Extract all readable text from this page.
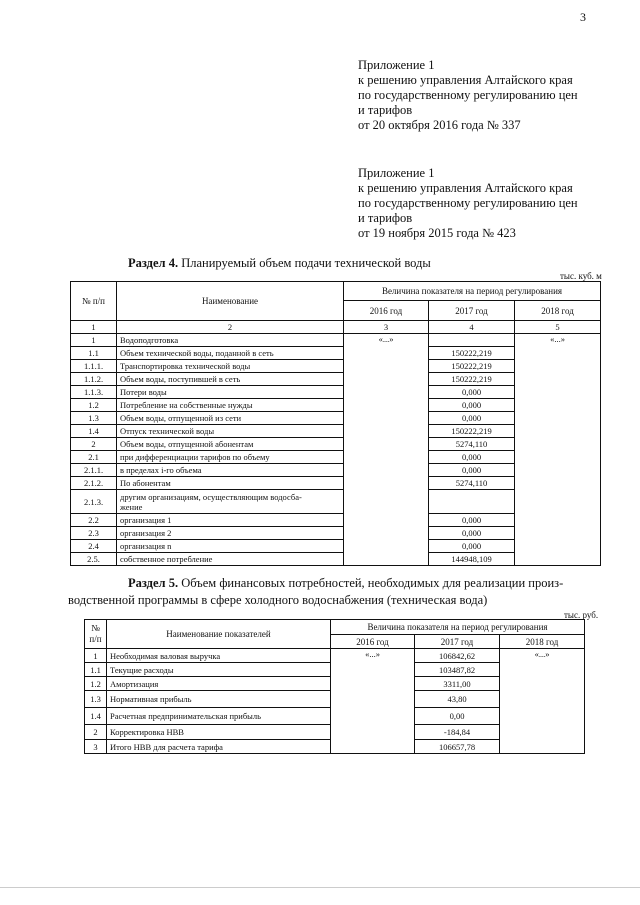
3
Приложение 1
к решению управления Алтайского края
по государственному регулированию цен
и тарифов
от 20 октября 2016 года № 337
Приложение 1
к решению управления Алтайского края
по государственному регулированию цен
и тарифов
от 19 ноября 2015 года № 423
Раздел 4. Планируемый объем подачи технической воды
тыс. куб. м
№ п/п	Наименование	Величина показателя на период регулирования		
		2016 год	2017 год	2018 год
1	2	3	4	5
1	Водоподготовка	«...»		«...»
1.1	Объем технической воды, поданной в сеть		150222,219	
1.1.1.	Транспортировка технической воды		150222,219	
1.1.2.	Объем воды, поступившей в сеть		150222,219	
1.1.3.	Потери воды		0,000	
1.2	Потребление на собственные нужды		0,000	
1.3	Объем воды, отпущенной из сети		0,000	
1.4	Отпуск технической воды		150222,219	
2	Объем воды, отпущенной абонентам		5274,110	
2.1	при дифференциации тарифов по объему		0,000	
2.1.1.	в пределах i-го объема		0,000	
2.1.2.	По абонентам		5274,110	
2.1.3.	другим организациям, осуществляющим водосбa-
жение			

2.2	организация 1		0,000	
2.3	организация 2		0,000	
2.4	организация n		0,000	
2.5.	собственное потребление		144948,109	
Раздел 5. Объем финансовых потребностей, необходимых для реализации произ-
водственной программы в сфере холодного водоснабжения (техническая вода)
тыс. руб.
№
п/п	Наименование показателей	Величина показателя на период регулирования		
		2016 год	2017 год	2018 год
1	Необходимая валовая выручка	«...»	106842,62	«...»
1.1	Текущие расходы		103487,82	
1.2	Амортизация		3311,00	
1.3	Нормативная прибыль		43,80	
1.4	Расчетная предпринимательская прибыль		0,00	
2	Корректировка НВВ		-184,84	
3	Итого НВВ для расчета тарифа		106657,78	
